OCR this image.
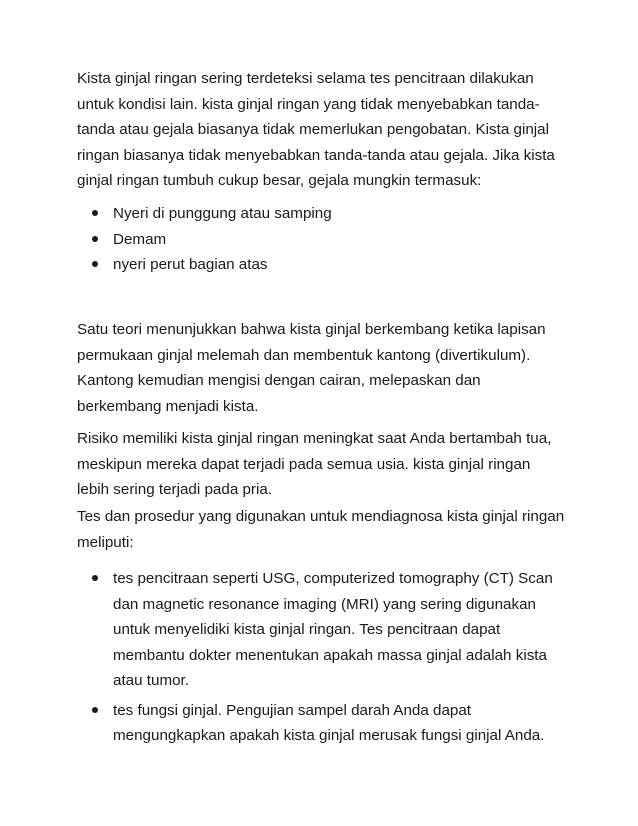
Kista ginjal ringan sering terdeteksi selama tes pencitraan dilakukan
untuk kondisi lain. kista ginjal ringan yang tidak menyebabkan tanda-
tanda atau gejala biasanya tidak memerlukan pengobatan. Kista ginjal
ringan biasanya tidak menyebabkan tanda-tanda atau gejala. Jika kista
ginjal ringan tumbuh cukup besar, gejala mungkin termasuk:
Nyeri di punggung atau samping
Demam
nyeri perut bagian atas
Satu teori menunjukkan bahwa kista ginjal berkembang ketika lapisan
permukaan ginjal melemah dan membentuk kantong (divertikulum).
Kantong kemudian mengisi dengan cairan, melepaskan dan
berkembang menjadi kista.
Risiko memiliki kista ginjal ringan meningkat saat Anda bertambah tua,
meskipun mereka dapat terjadi pada semua usia. kista ginjal ringan
lebih sering terjadi pada pria.
Tes dan prosedur yang digunakan untuk mendiagnosa kista ginjal ringan
meliputi:
tes pencitraan seperti USG, computerized tomography (CT) Scan
dan magnetic resonance imaging (MRI) yang sering digunakan
untuk menyelidiki kista ginjal ringan. Tes pencitraan dapat
membantu dokter menentukan apakah massa ginjal adalah kista
atau tumor.
tes fungsi ginjal. Pengujian sampel darah Anda dapat
mengungkapkan apakah kista ginjal merusak fungsi ginjal Anda.
